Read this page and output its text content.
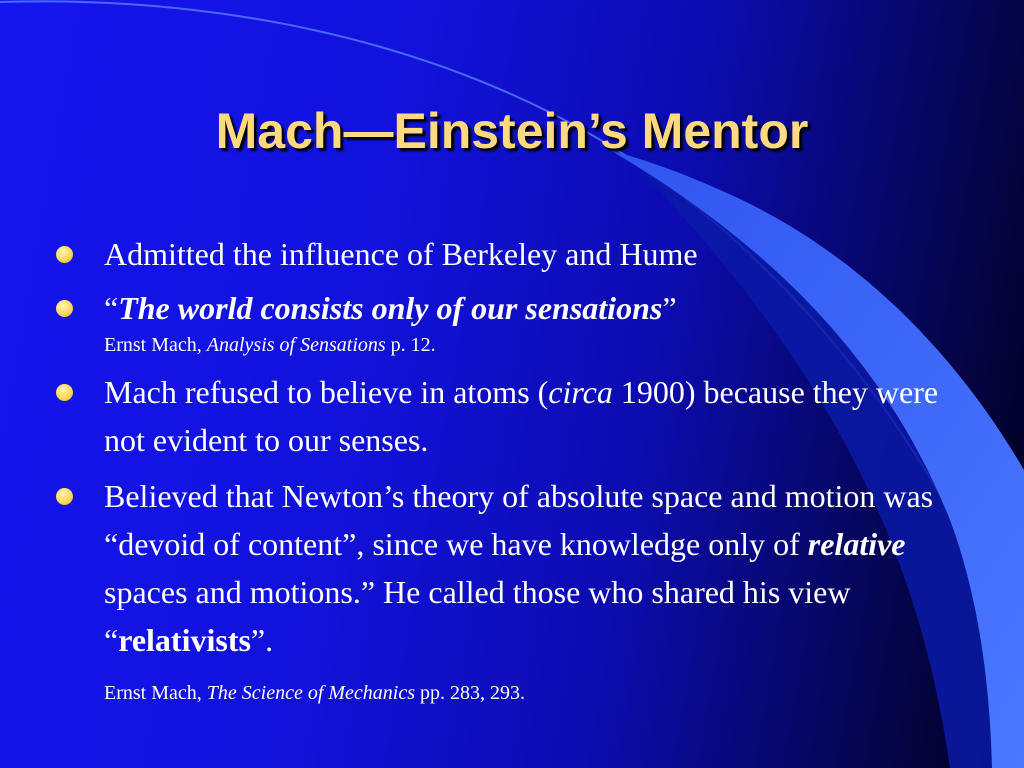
Mach—Einstein’s Mentor
Admitted the influence of Berkeley and Hume
“The world consists only of our sensations”
Ernst Mach, Analysis of Sensations p. 12.
Mach refused to believe in atoms (circa 1900) because they were not evident to our senses.
Believed that Newton’s theory of absolute space and motion was “devoid of content”, since we have knowledge only of relative spaces and motions.” He called those who shared his view “relativists”.
Ernst Mach, The Science of Mechanics pp. 283, 293.
